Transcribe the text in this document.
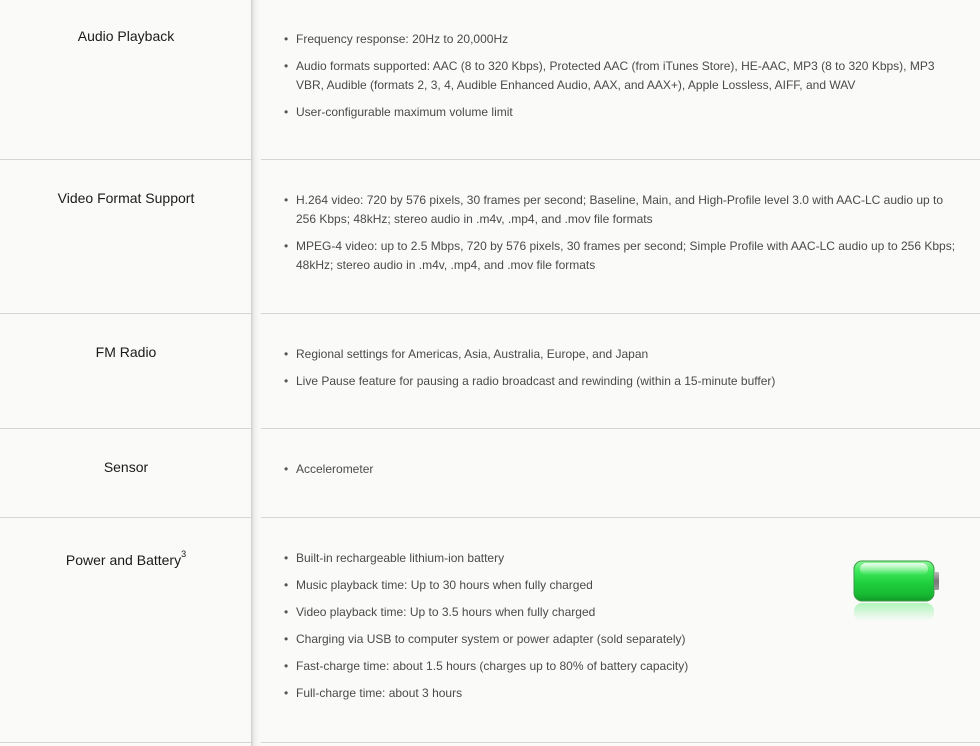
Audio Playback	• Frequency response: 20Hz to 20,000Hz
• Audio formats supported: AAC (8 to 320 Kbps), Protected AAC (from iTunes Store), HE-AAC, MP3 (8 to 320 Kbps), MP3 VBR, Audible (formats 2, 3, 4, Audible Enhanced Audio, AAX, and AAX+), Apple Lossless, AIFF, and WAV
• User-configurable maximum volume limit
Video Format Support	• H.264 video: 720 by 576 pixels, 30 frames per second; Baseline, Main, and High-Profile level 3.0 with AAC-LC audio up to 256 Kbps; 48kHz; stereo audio in .m4v, .mp4, and .mov file formats
• MPEG-4 video: up to 2.5 Mbps, 720 by 576 pixels, 30 frames per second; Simple Profile with AAC-LC audio up to 256 Kbps; 48kHz; stereo audio in .m4v, .mp4, and .mov file formats
FM Radio	• Regional settings for Americas, Asia, Australia, Europe, and Japan
• Live Pause feature for pausing a radio broadcast and rewinding (within a 15-minute buffer)
Sensor	• Accelerometer
Power and Battery$^3$	• Built-in rechargeable lithium-ion battery
• Music playback time: Up to 30 hours when fully charged
• Video playback time: Up to 3.5 hours when fully charged
• Charging via USB to computer system or power adapter (sold separately)
• Fast-charge time: about 1.5 hours (charges up to 80% of battery capacity)
• Full-charge time: about 3 hours
